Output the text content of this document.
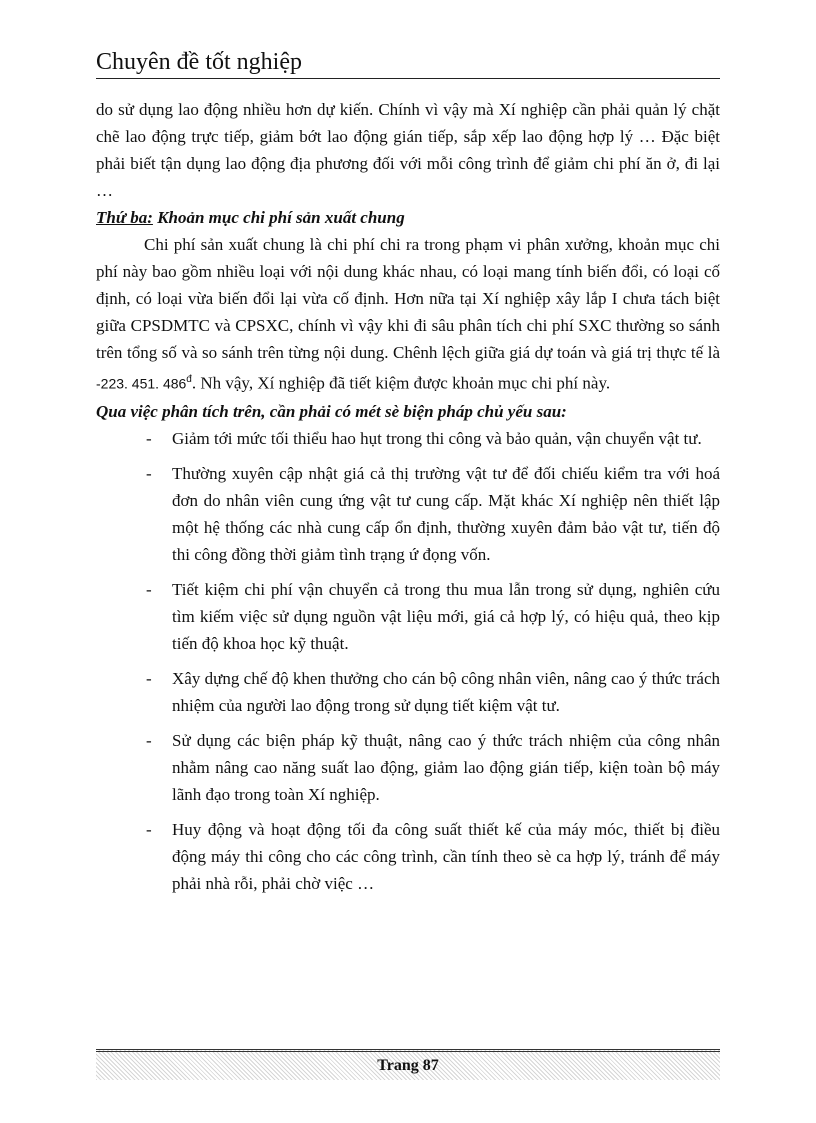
Chuyên đề tốt nghiệp

do sử dụng lao động nhiều hơn dự kiến. Chính vì vậy mà Xí nghiệp cần phải quản lý chặt chẽ lao động trực tiếp, giảm bớt lao động gián tiếp, sắp xếp lao động hợp lý … Đặc biệt phải biết tận dụng lao động địa phương đối với mỗi công trình để giảm chi phí ăn ở, đi lại …

Thứ ba: Khoản mục chi phí sản xuất chung

Chi phí sản xuất chung là chi phí chi ra trong phạm vi phân xưởng, khoản mục chi phí này bao gồm nhiều loại với nội dung khác nhau, có loại mang tính biến đổi, có loại cố định, có loại vừa biến đổi lại vừa cố định. Hơn nữa tại Xí nghiệp xây lắp I chưa tách biệt giữa CPSDMTC và CPSXC, chính vì vậy khi đi sâu phân tích chi phí SXC thường so sánh trên tổng số và so sánh trên từng nội dung. Chênh lệch giữa giá dự toán và giá trị thực tế là -223. 451. $486^đ$. Nh vậy, Xí nghiệp đã tiết kiệm được khoản mục chi phí này.

Qua việc phân tích trên, cần phải có mét sè biện pháp chủ yếu sau:

- Giảm tới mức tối thiểu hao hụt trong thi công và bảo quản, vận chuyển vật tư.
- Thường xuyên cập nhật giá cả thị trường vật tư để đối chiếu kiểm tra với hoá đơn do nhân viên cung ứng vật tư cung cấp. Mặt khác Xí nghiệp nên thiết lập một hệ thống các nhà cung cấp ổn định, thường xuyên đảm bảo vật tư, tiến độ thi công đồng thời giảm tình trạng ứ đọng vốn.
- Tiết kiệm chi phí vận chuyển cả trong thu mua lẫn trong sử dụng, nghiên cứu tìm kiếm việc sử dụng nguồn vật liệu mới, giá cả hợp lý, có hiệu quả, theo kịp tiến độ khoa học kỹ thuật.
- Xây dựng chế độ khen thưởng cho cán bộ công nhân viên, nâng cao ý thức trách nhiệm của người lao động trong sử dụng tiết kiệm vật tư.
- Sử dụng các biện pháp kỹ thuật, nâng cao ý thức trách nhiệm của công nhân nhằm nâng cao năng suất lao động, giảm lao động gián tiếp, kiện toàn bộ máy lãnh đạo trong toàn Xí nghiệp.
- Huy động và hoạt động tối đa công suất thiết kế của máy móc, thiết bị điều động máy thi công cho các công trình, cần tính theo sè ca hợp lý, tránh để máy phải nhà rỗi, phải chờ việc …
Trang 87
